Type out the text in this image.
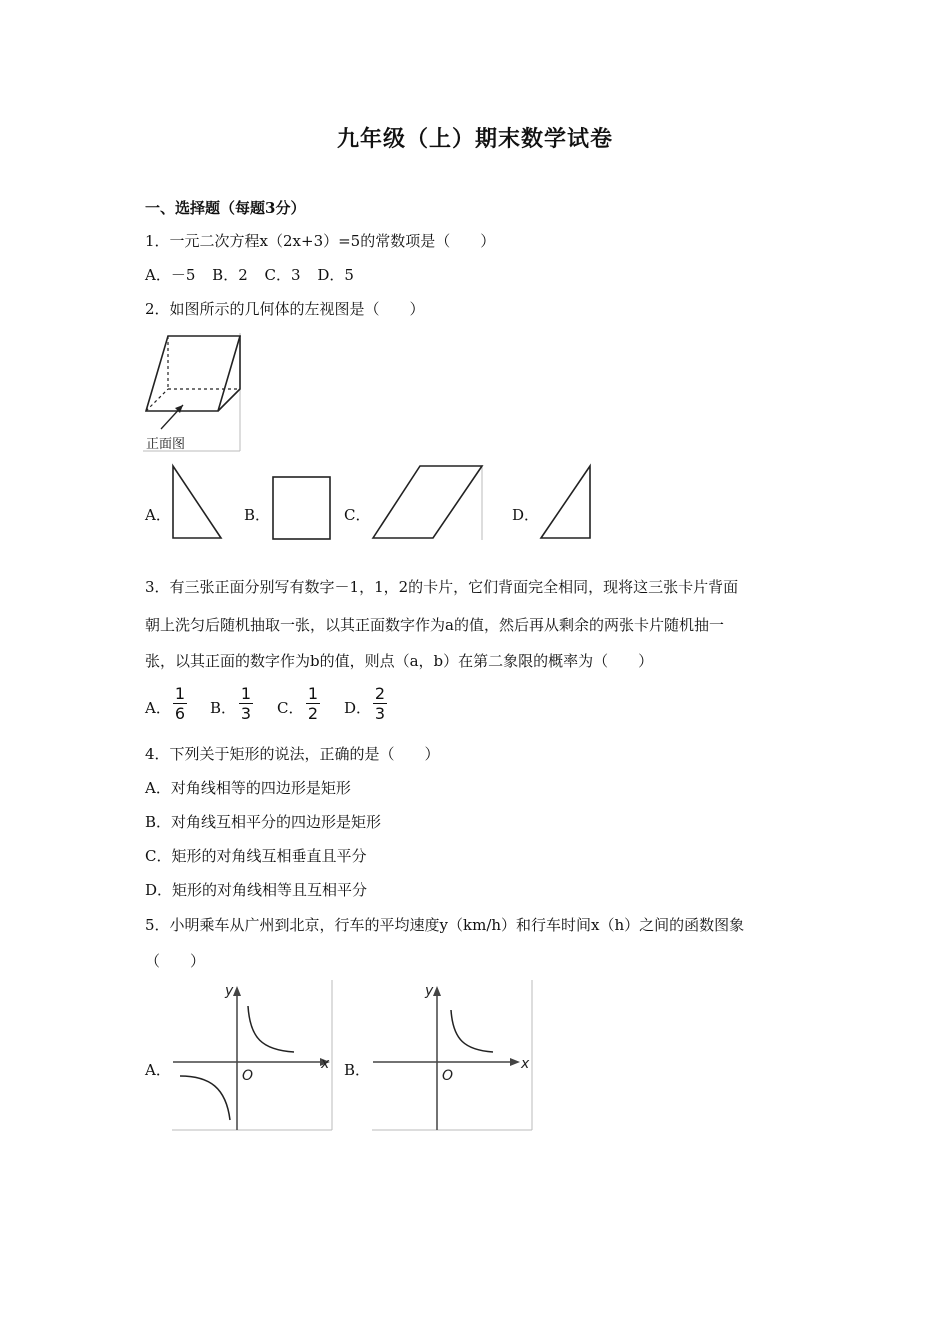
九年级（上）期末数学试卷
一、选择题（每题3分）
1．一元二次方程x（2x+3）=5的常数项是（　　）
A．－5 B．2 C．3 D．5
2．如图所示的几何体的左视图是（　　）
正面图
A．	B．	C．	D．
3．有三张正面分别写有数字－1，1，2的卡片，它们背面完全相同，现将这三张卡片背面
朝上洗匀后随机抽取一张，以其正面数字作为a的值，然后再从剩余的两张卡片随机抽一
张，以其正面的数字作为b的值，则点（a，b）在第二象限的概率为（　　）
A．
1
6 B．
1
3 C．
1
2 D．
2
3
4．下列关于矩形的说法，正确的是（　　）
A．对角线相等的四边形是矩形
B．对角线互相平分的四边形是矩形
C．矩形的对角线互相垂直且平分
D．矩形的对角线相等且互相平分
5．小明乘车从广州到北京，行车的平均速度y（km/h）和行车时间x（h）之间的函数图象
（　　）
A．
y
x
O	B．
y
x
O
